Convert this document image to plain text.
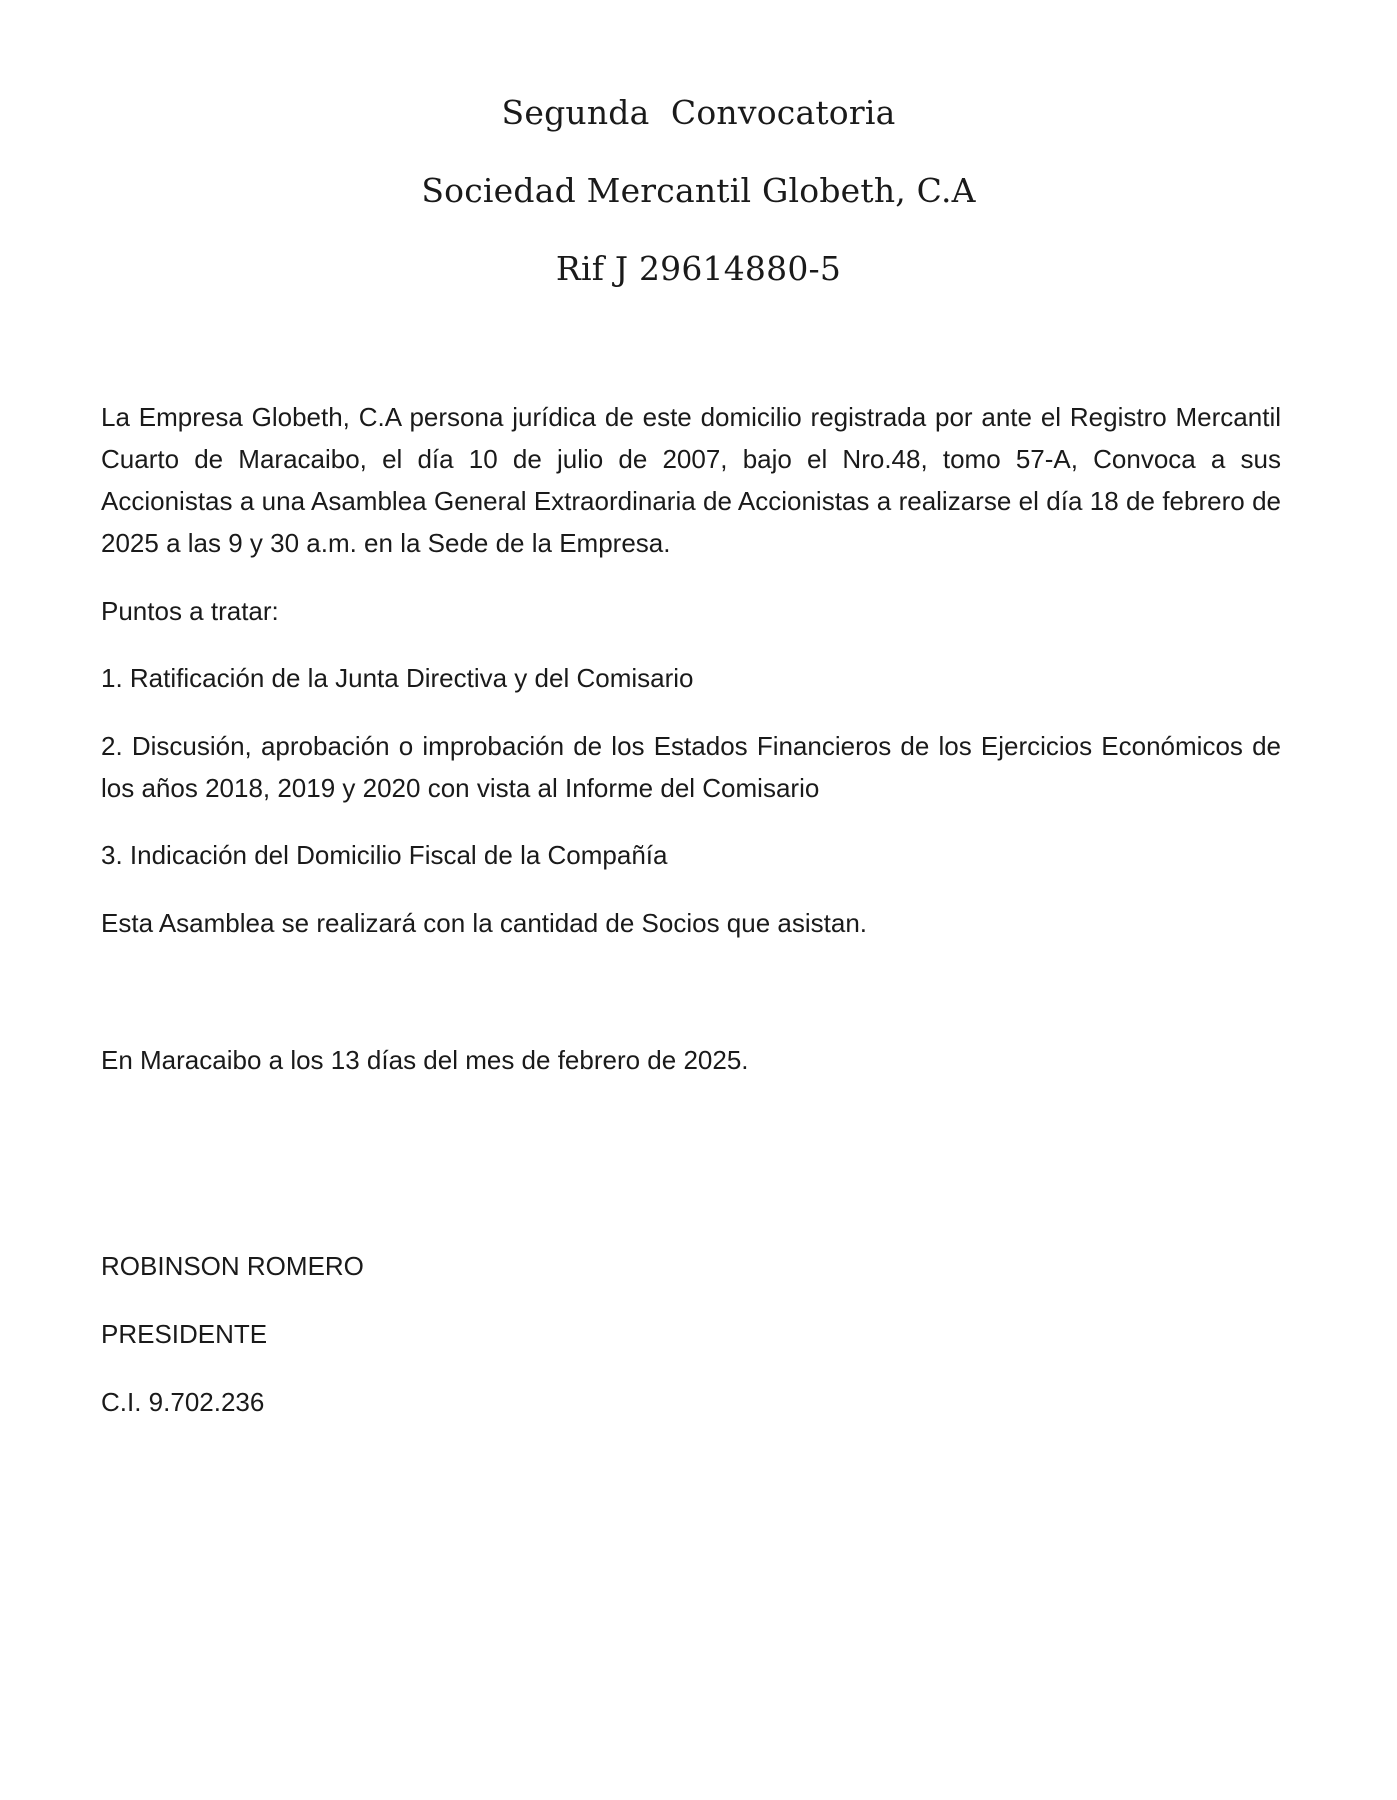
Segunda  Convocatoria
Sociedad Mercantil Globeth, C.A
Rif J 29614880-5

La Empresa Globeth, C.A persona jurídica de este domicilio registrada por ante el Registro Mercantil Cuarto de Maracaibo, el día 10 de julio de 2007, bajo el Nro.48, tomo 57-A, Convoca a sus Accionistas a una Asamblea General Extraordinaria de Accionistas a realizarse el día 18 de febrero de 2025 a las 9 y 30 a.m. en la Sede de la Empresa.

Puntos a tratar:

1. Ratificación de la Junta Directiva y del Comisario

2. Discusión, aprobación o improbación de los Estados Financieros de los Ejercicios Económicos de los años 2018, 2019 y 2020 con vista al Informe del Comisario

3. Indicación del Domicilio Fiscal de la Compañía

Esta Asamblea se realizará con la cantidad de Socios que asistan.

En Maracaibo a los 13 días del mes de febrero de 2025.

ROBINSON ROMERO

PRESIDENTE

C.I. 9.702.236
